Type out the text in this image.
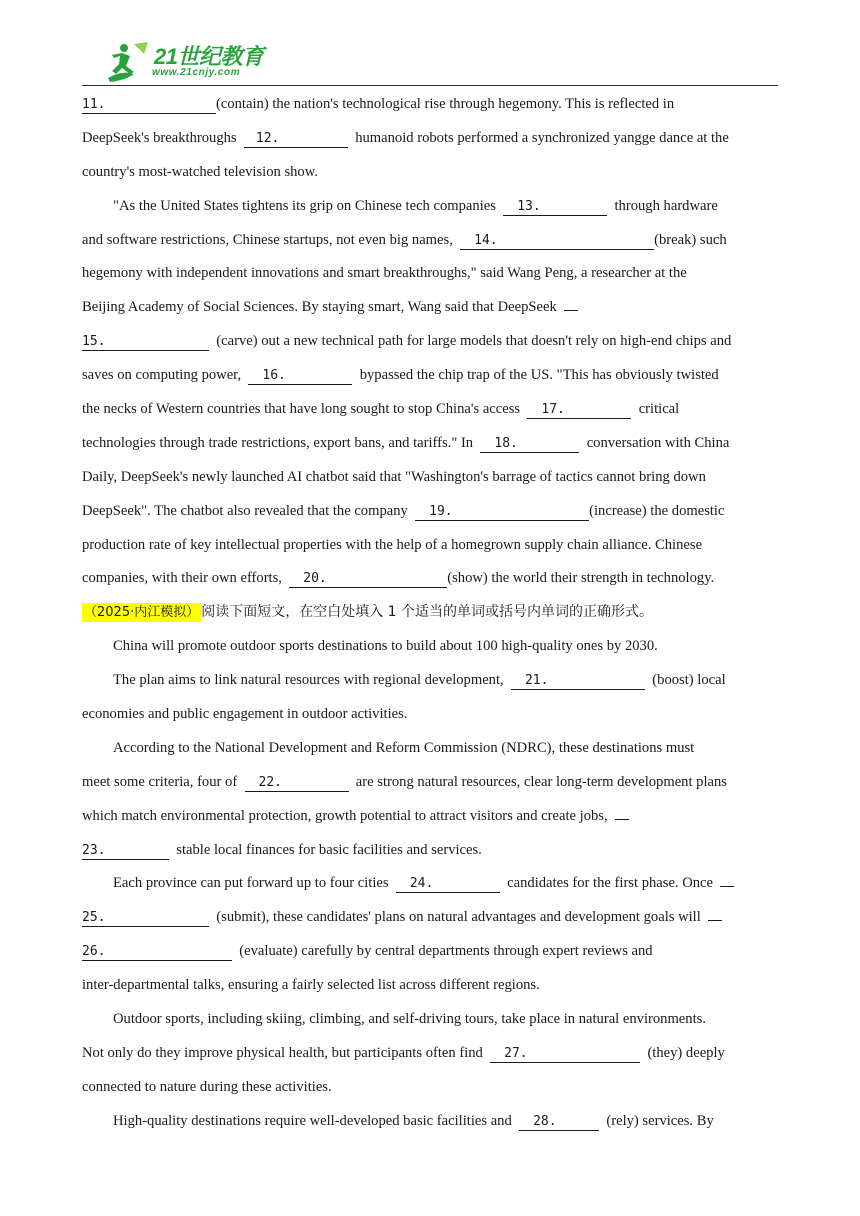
21世纪教育
www.21cnjy.com
11.	(contain) the nation's technological rise through hegemony. This is reflected in
DeepSeek's breakthroughs 12.	humanoid robots performed a synchronized yangge dance at the
country's most-watched television show.
"As the United States tightens its grip on Chinese tech companies 13.	through hardware
and software restrictions, Chinese startups, not even big names, 14.	(break) such
hegemony with independent innovations and smart breakthroughs," said Wang Peng, a researcher at the
Beijing Academy of Social Sciences. By staying smart, Wang said that DeepSeek
15.	(carve) out a new technical path for large models that doesn't rely on high-end chips and
saves on computing power, 16.	bypassed the chip trap of the US. "This has obviously twisted
the necks of Western countries that have long sought to stop China's access 17.	critical
technologies through trade restrictions, export bans, and tariffs." In 18.	conversation with China
Daily, DeepSeek's newly launched AI chatbot said that "Washington's barrage of tactics cannot bring down
DeepSeek". The chatbot also revealed that the company 19.	(increase) the domestic
production rate of key intellectual properties with the help of a homegrown supply chain alliance. Chinese
companies, with their own efforts, 20.	(show) the world their strength in technology.
（2025·内江模拟） 阅读下面短文，在空白处填入 1 个适当的单词或括号内单词的正确形式。
China will promote outdoor sports destinations to build about 100 high-quality ones by 2030.
The plan aims to link natural resources with regional development, 21.	(boost) local
economies and public engagement in outdoor activities.
According to the National Development and Reform Commission (NDRC), these destinations must
meet some criteria, four of 22.	are strong natural resources, clear long-term development plans
which match environmental protection, growth potential to attract visitors and create jobs,
23.	stable local finances for basic facilities and services.
Each province can put forward up to four cities 24.	candidates for the first phase. Once
25.	(submit), these candidates' plans on natural advantages and development goals will
26.	(evaluate) carefully by central departments through expert reviews and
inter-departmental talks, ensuring a fairly selected list across different regions.
Outdoor sports, including skiing, climbing, and self-driving tours, take place in natural environments.
Not only do they improve physical health, but participants often find 27.	(they) deeply
connected to nature during these activities.
High-quality destinations require well-developed basic facilities and 28.	(rely) services. By
